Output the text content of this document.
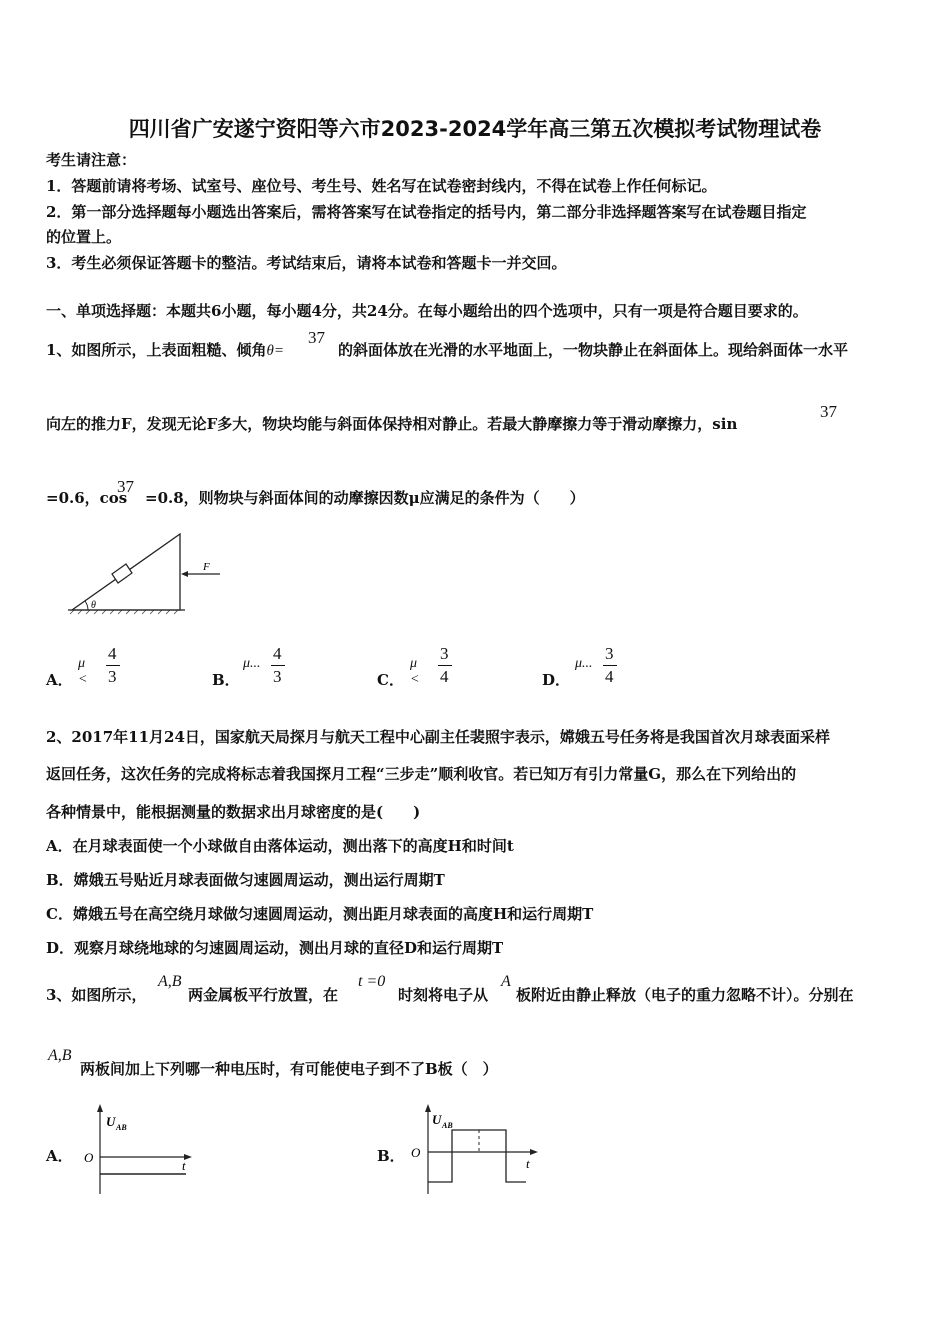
四川省广安遂宁资阳等六市2023-2024学年高三第五次模拟考试物理试卷
考生请注意：
1．答题前请将考场、试室号、座位号、考生号、姓名写在试卷密封线内，不得在试卷上作任何标记。
2．第一部分选择题每小题选出答案后，需将答案写在试卷指定的括号内，第二部分非选择题答案写在试卷题目指定
的位置上。
3．考生必须保证答题卡的整洁。考试结束后，请将本试卷和答题卡一并交回。
一、单项选择题：本题共6小题，每小题4分，共24分。在每小题给出的四个选项中，只有一项是符合题目要求的。
1、如图所示，上表面粗糙、倾角θ=
37
的斜面体放在光滑的水平地面上，一物块静止在斜面体上。现给斜面体一水平
向左的推力F，发现无论F多大，物块均能与斜面体保持相对静止。若最大静摩擦力等于滑动摩擦力，sin
37
=0.6，cos
37
=0.8，则物块与斜面体间的动摩擦因数μ应满足的条件为（　　）
θ
F
A．
μ <
4
3	B．
μ...
4
3	C．
μ <
3
4	D．
μ...
3
4
2、2017年11月24日，国家航天局探月与航天工程中心副主任裴照宇表示，嫦娥五号任务将是我国首次月球表面采样
返回任务，这次任务的完成将标志着我国探月工程“三步走”顺利收官。若已知万有引力常量G，那么在下列给出的
各种情景中，能根据测量的数据求出月球密度的是(　　)
A．在月球表面使一个小球做自由落体运动，测出落下的高度H和时间t
B．嫦娥五号贴近月球表面做匀速圆周运动，测出运行周期T
C．嫦娥五号在高空绕月球做匀速圆周运动，测出距月球表面的高度H和运行周期T
D．观察月球绕地球的匀速圆周运动，测出月球的直径D和运行周期T
3、如图所示，
A,B
两金属板平行放置，在
t =0
时刻将电子从
A
板附近由静止释放（电子的重力忽略不计）。分别在
A,B
两板间加上下列哪一种电压时，有可能使电子到不了B板（　）
A．
U AB
O
t
B．
U AB
O
t
